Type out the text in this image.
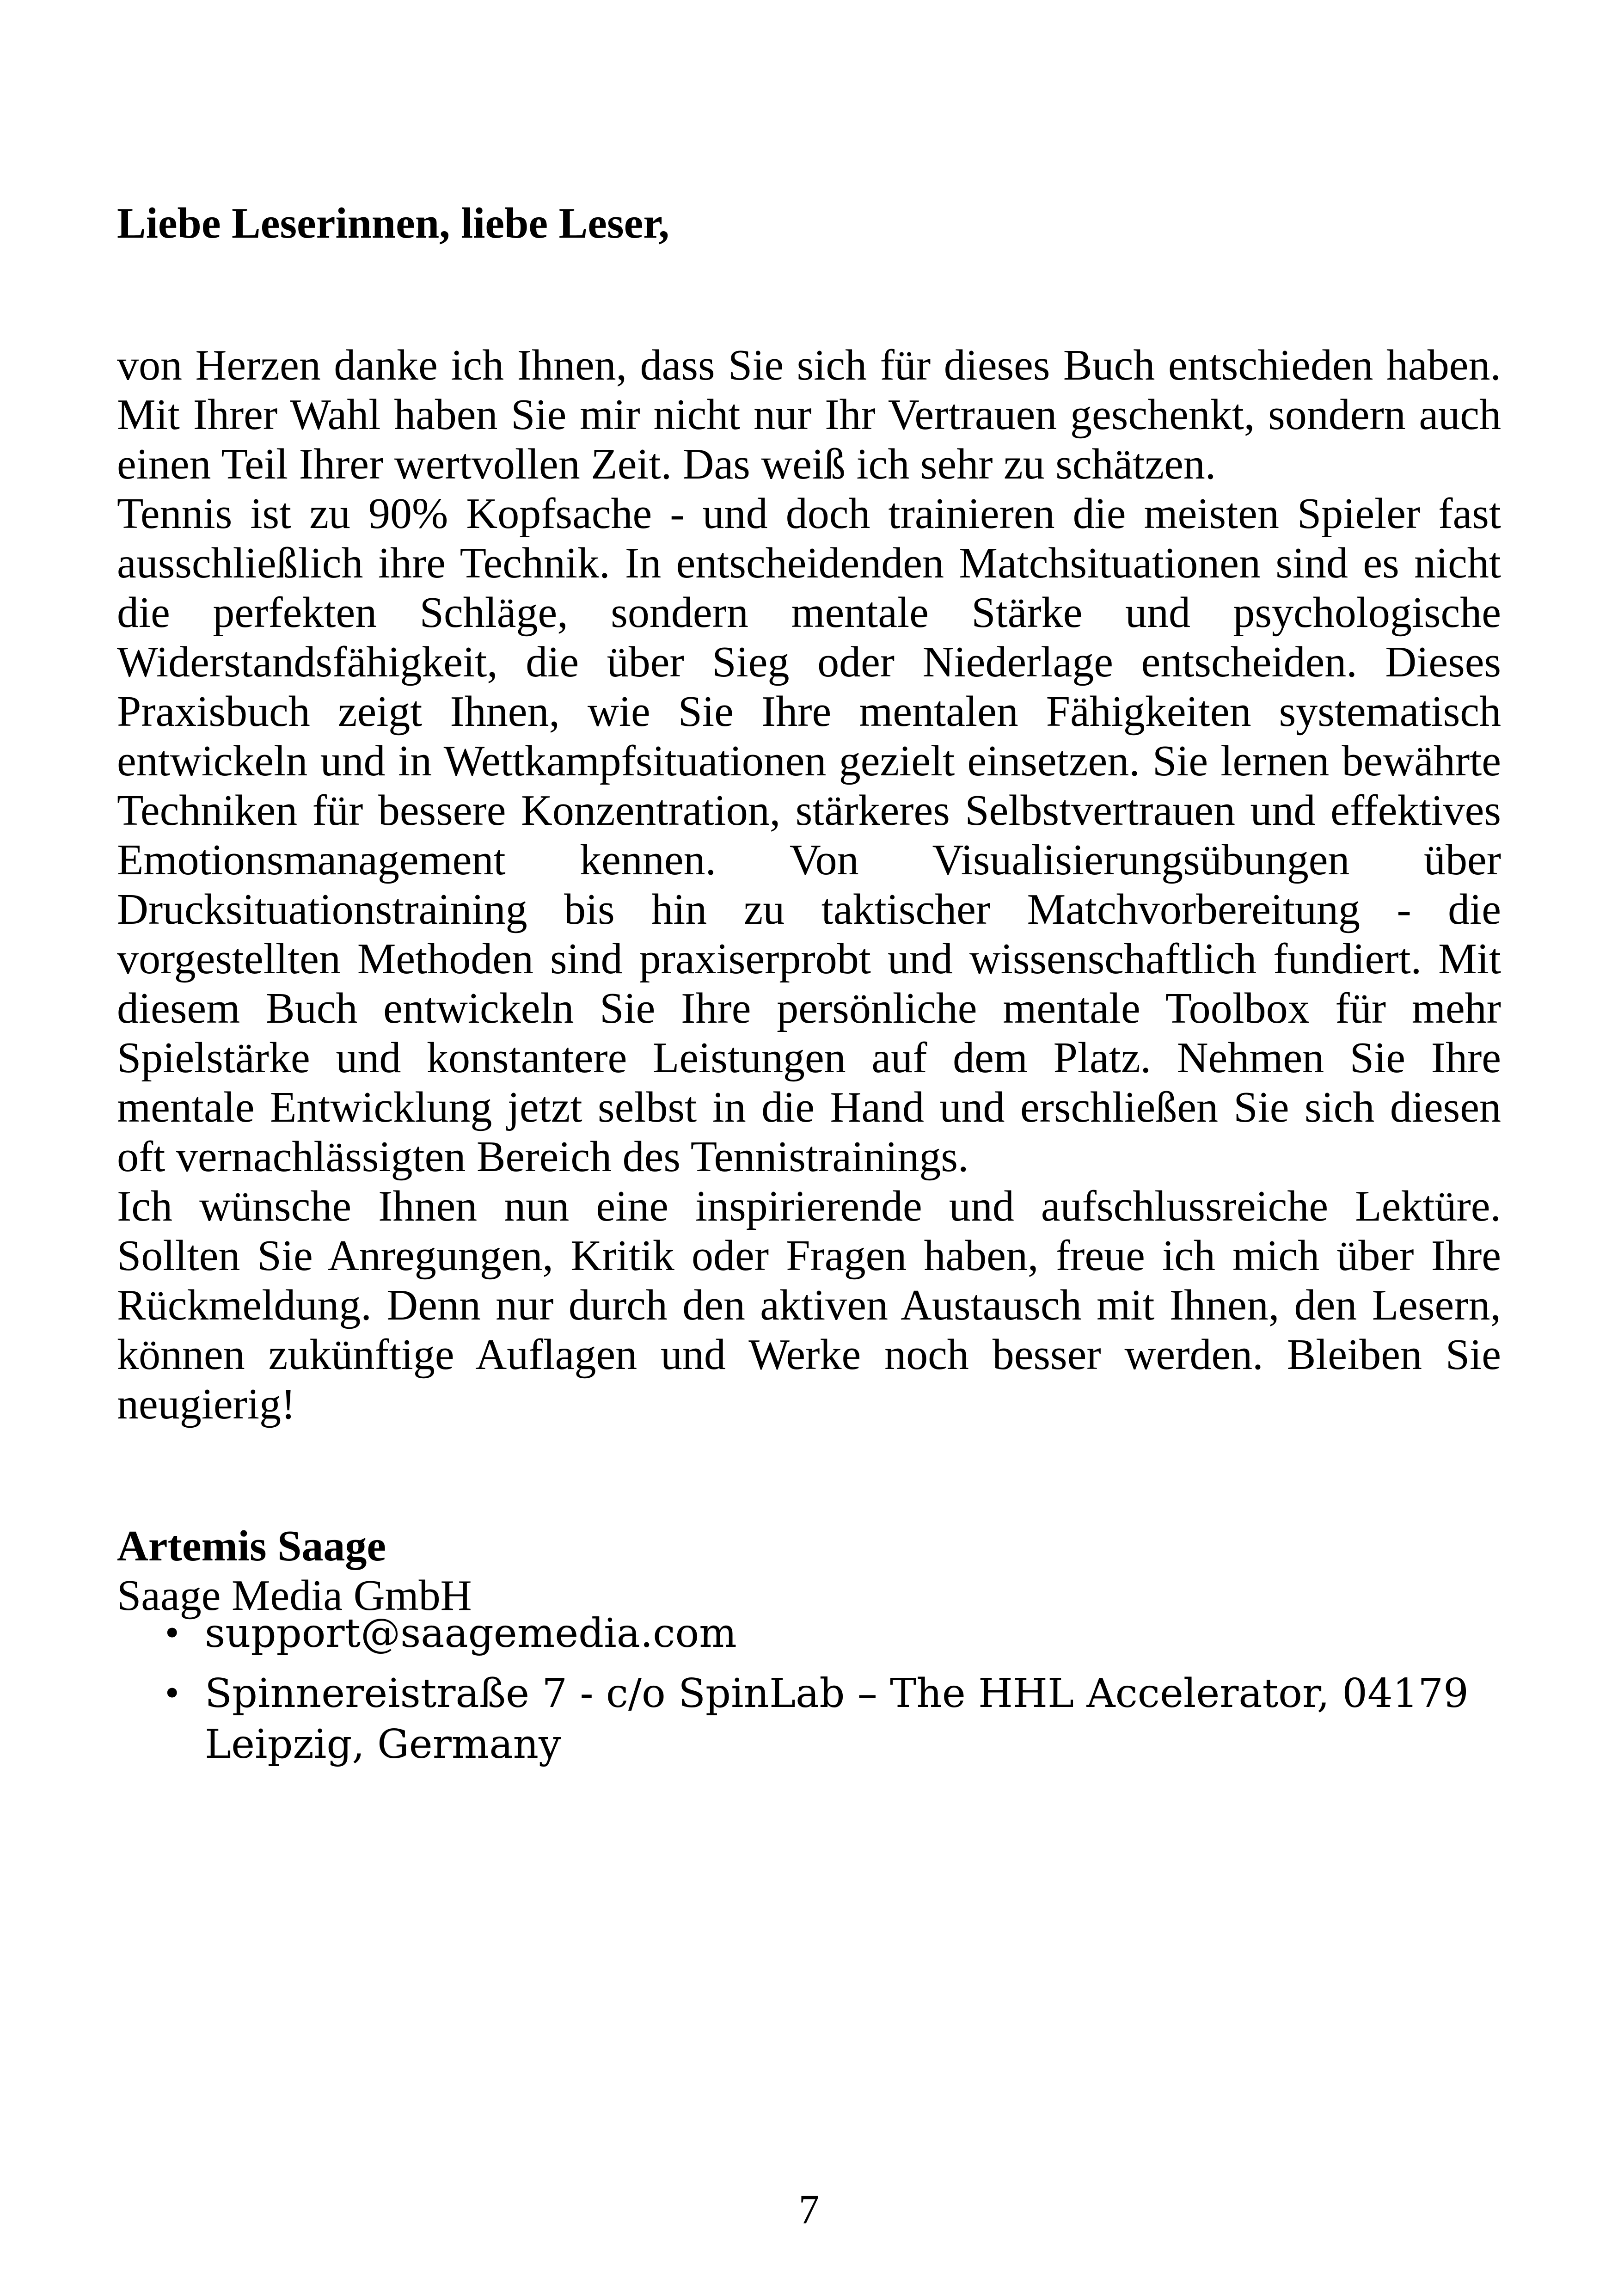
Liebe Leserinnen, liebe Leser,

von Herzen danke ich Ihnen, dass Sie sich für dieses Buch entschieden haben. Mit Ihrer Wahl haben Sie mir nicht nur Ihr Vertrauen geschenkt, sondern auch einen Teil Ihrer wertvollen Zeit. Das weiß ich sehr zu schätzen.

Tennis ist zu 90% Kopfsache - und doch trainieren die meisten Spieler fast ausschließlich ihre Technik. In entscheidenden Matchsituationen sind es nicht die perfekten Schläge, sondern mentale Stärke und psychologische Widerstandsfähigkeit, die über Sieg oder Niederlage entscheiden. Dieses Praxisbuch zeigt Ihnen, wie Sie Ihre mentalen Fähigkeiten systematisch entwickeln und in Wettkampfsituationen gezielt einsetzen. Sie lernen bewährte Techniken für bessere Konzentration, stärkeres Selbstvertrauen und effektives Emotionsmanagement kennen. Von Visualisierungsübungen über Drucksituationstraining bis hin zu taktischer Matchvorbereitung - die vorgestellten Methoden sind praxiserprobt und wissenschaftlich fundiert. Mit diesem Buch entwickeln Sie Ihre persönliche mentale Toolbox für mehr Spielstärke und konstantere Leistungen auf dem Platz. Nehmen Sie Ihre mentale Entwicklung jetzt selbst in die Hand und erschließen Sie sich diesen oft vernachlässigten Bereich des Tennistrainings.

Ich wünsche Ihnen nun eine inspirierende und aufschlussreiche Lektüre. Sollten Sie Anregungen, Kritik oder Fragen haben, freue ich mich über Ihre Rückmeldung. Denn nur durch den aktiven Austausch mit Ihnen, den Lesern, können zukünftige Auflagen und Werke noch besser werden. Bleiben Sie neugierig!

Artemis Saage

Saage Media GmbH

• support@saagemedia.com
• Spinnereistraße 7 - c/o SpinLab – The HHL Accelerator, 04179 Leipzig, Germany
7
